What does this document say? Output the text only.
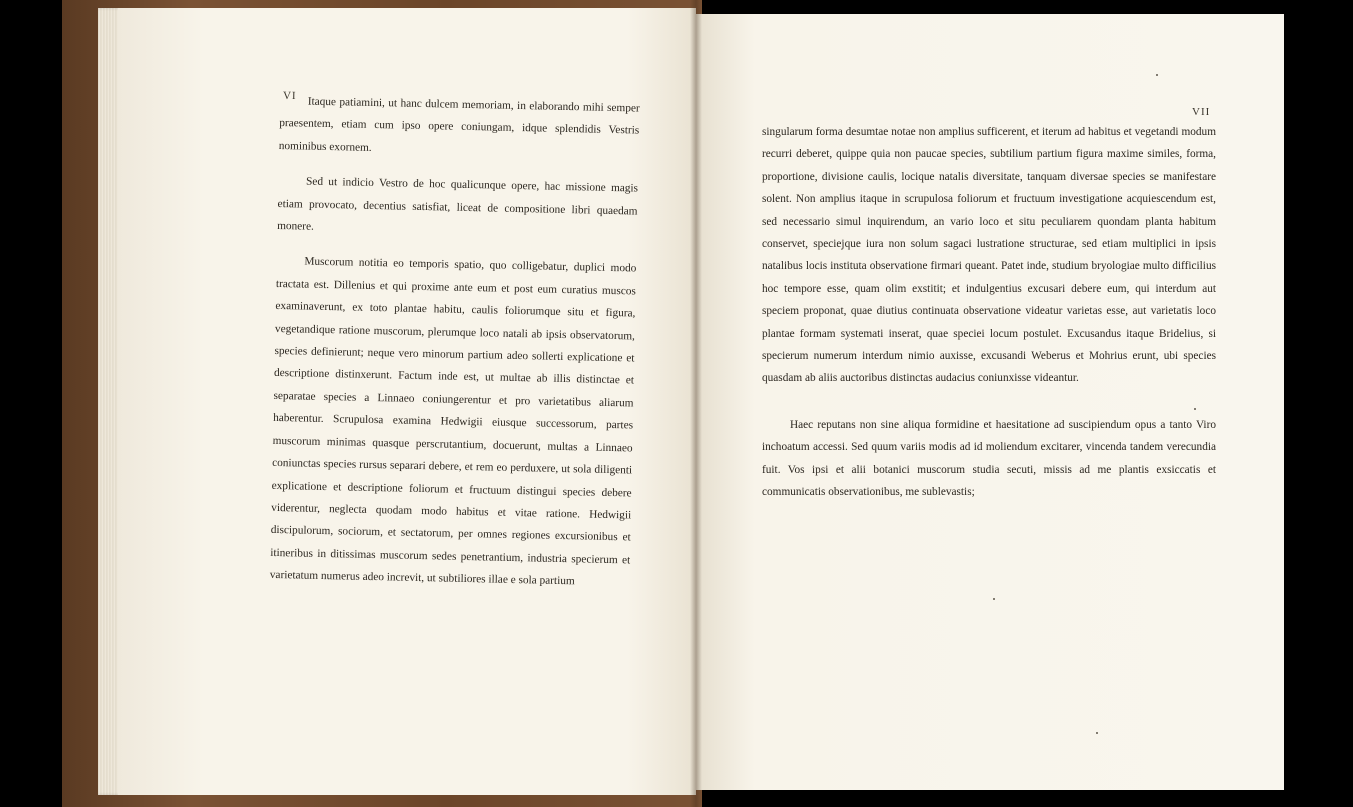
VI Itaque patiamini, ut hanc dulcem memoriam, in elaborando mihi semper praesentem, etiam cum ipso opere coniungam, idque splendidis Vestris nominibus exornem.

Sed ut indicio Vestro de hoc qualicunque opere, hac missione magis etiam provocato, decentius satisfiat, liceat de compositione libri quaedam monere.

Muscorum notitia eo temporis spatio, quo colligebatur, duplici modo tractata est. Dillenius et qui proxime ante eum et post eum curatius muscos examinaverunt, ex toto plantae habitu, caulis foliorumque situ et figura, vegetandique ratione muscorum, plerumque loco natali ab ipsis observatorum, species definierunt; neque vero minorum partium adeo sollerti explicatione et descriptione distinxerunt. Factum inde est, ut multae ab illis distinctae et separatae species a Linnaeo coniungerentur et pro varietatibus aliarum haberentur. Scrupulosa examina Hedwigii eiusque successorum, partes muscorum minimas quasque perscrutantium, docuerunt, multas a Linnaeo coniunctas species rursus separari debere, et rem eo perduxere, ut sola diligenti explicatione et descriptione foliorum et fructuum distingui species debere viderentur, neglecta quodam modo habitus et vitae ratione. Hedwigii discipulorum, sociorum, et sectatorum, per omnes regiones excursionibus et itineribus in ditissimas muscorum sedes penetrantium, industria specierum et varietatum numerus adeo increvit, ut subtiliores illae e sola partium

VII

singularum forma desumtae notae non amplius sufficerent, et iterum ad habitus et vegetandi modum recurri deberet, quippe quia non paucae species, subtilium partium figura maxime similes, forma, proportione, divisione caulis, locique natalis diversitate, tanquam diversae species se manifestare solent. Non amplius itaque in scrupulosa foliorum et fructuum investigatione acquiescendum est, sed necessario simul inquirendum, an vario loco et situ peculiarem quondam planta habitum conservet, speciejque iura non solum sagaci lustratione structurae, sed etiam multiplici in ipsis natalibus locis instituta observatione firmari queant. Patet inde, studium bryologiae multo difficilius hoc tempore esse, quam olim exstitit; et indulgentius excusari debere eum, qui interdum aut speciem proponat, quae diutius continuata observatione videatur varietas esse, aut varietatis loco plantae formam systemati inserat, quae speciei locum postulet. Excusandus itaque Bridelius, si specierum numerum interdum nimio auxisse, excusandi Weberus et Mohrius erunt, ubi species quasdam ab aliis auctoribus distinctas audacius coniunxisse videantur.

Haec reputans non sine aliqua formidine et haesitatione ad suscipiendum opus a tanto Viro inchoatum accessi. Sed quum variis modis ad id moliendum excitarer, vincenda tandem verecundia fuit. Vos ipsi et alii botanici muscorum studia secuti, missis ad me plantis exsiccatis et communicatis observationibus, me sublevastis;
